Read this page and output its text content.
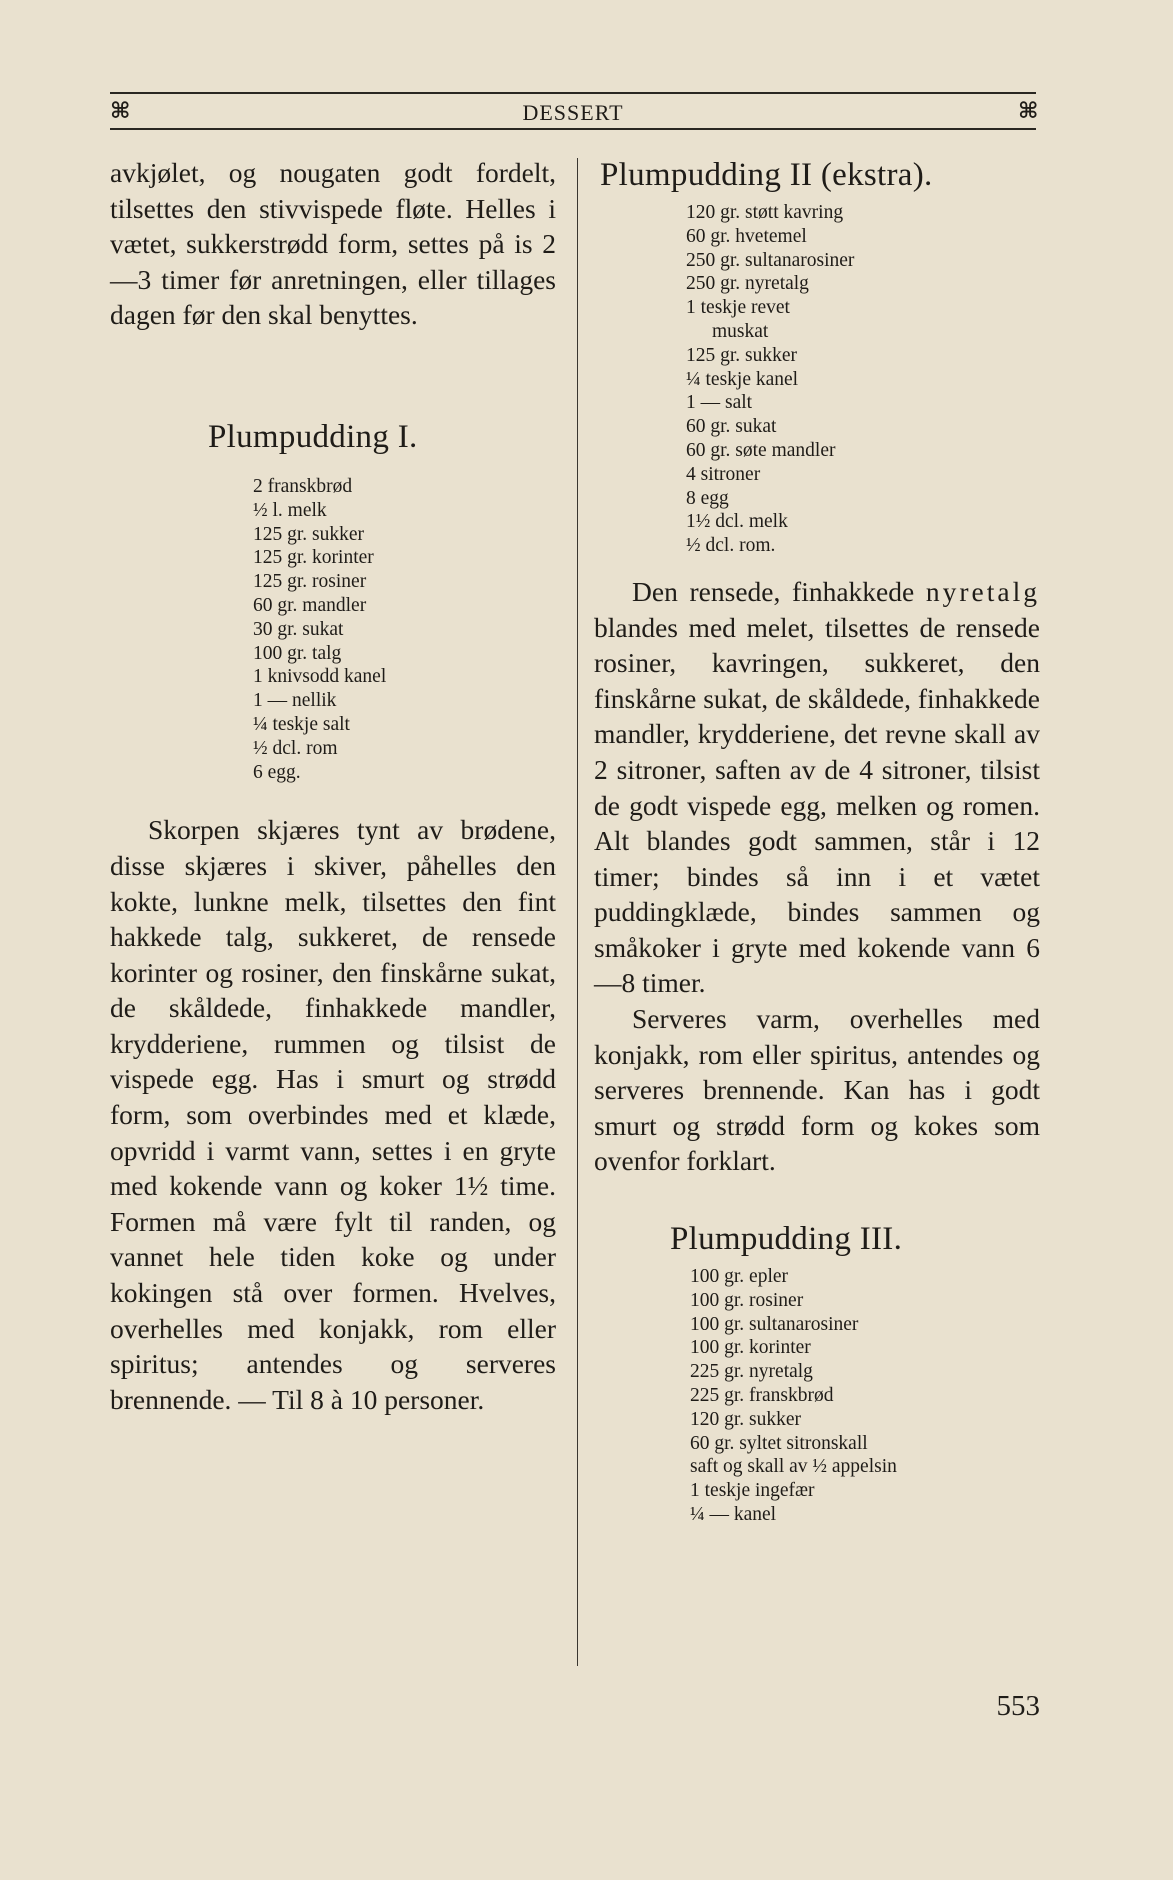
⌘	DESSERT	⌘

avkjølet, og nougaten godt fordelt, tilsettes den stivvispede fløte. Helles i vætet, sukkerstrødd form, settes på is 2—3 timer før anretningen, eller tillages dagen før den skal benyttes.

Plumpudding I.
2 franskbrød
½ l. melk
125 gr. sukker
125 gr. korinter
125 gr. rosiner
60 gr. mandler
30 gr. sukat
100 gr. talg
1 knivsodd kanel
1 — nellik
¼ teskje salt
½ dcl. rom
6 egg.

Skorpen skjæres tynt av brødene, disse skjæres i skiver, påhelles den kokte, lunkne melk, tilsettes den fint hakkede talg, sukkeret, de rensede korinter og rosiner, den finskårne sukat, de skåldede, finhakkede mandler, krydderiene, rummen og tilsist de vispede egg. Has i smurt og strødd form, som overbindes med et klæde, opvridd i varmt vann, settes i en gryte med kokende vann og koker 1½ time. Formen må være fylt til randen, og vannet hele tiden koke og under kokingen stå over formen. Hvelves, overhelles med konjakk, rom eller spiritus; antendes og serveres brennende. — Til 8 à 10 personer.

Plumpudding II (ekstra).
120 gr. støtt kavring
60 gr. hvetemel
250 gr. sultanarosiner
250 gr. nyretalg
1 teskje revet
muskat
125 gr. sukker
¼ teskje kanel
1 — salt
60 gr. sukat
60 gr. søte mandler
4 sitroner
8 egg
1½ dcl. melk
½ dcl. rom.

Den rensede, finhakkede nyretalg blandes med melet, tilsettes de rensede rosiner, kavringen, sukkeret, den finskårne sukat, de skåldede, finhakkede mandler, krydderiene, det revne skall av 2 sitroner, saften av de 4 sitroner, tilsist de godt vispede egg, melken og romen. Alt blandes godt sammen, står i 12 timer; bindes så inn i et vætet puddingklæde, bindes sammen og småkoker i gryte med kokende vann 6—8 timer.

Serveres varm, overhelles med konjakk, rom eller spiritus, antendes og serveres brennende. Kan has i godt smurt og strødd form og kokes som ovenfor forklart.

Plumpudding III.
100 gr. epler
100 gr. rosiner
100 gr. sultanarosiner
100 gr. korinter
225 gr. nyretalg
225 gr. franskbrød
120 gr. sukker
60 gr. syltet sitronskall
saft og skall av ½ appelsin
1 teskje ingefær
¼ — kanel
553
